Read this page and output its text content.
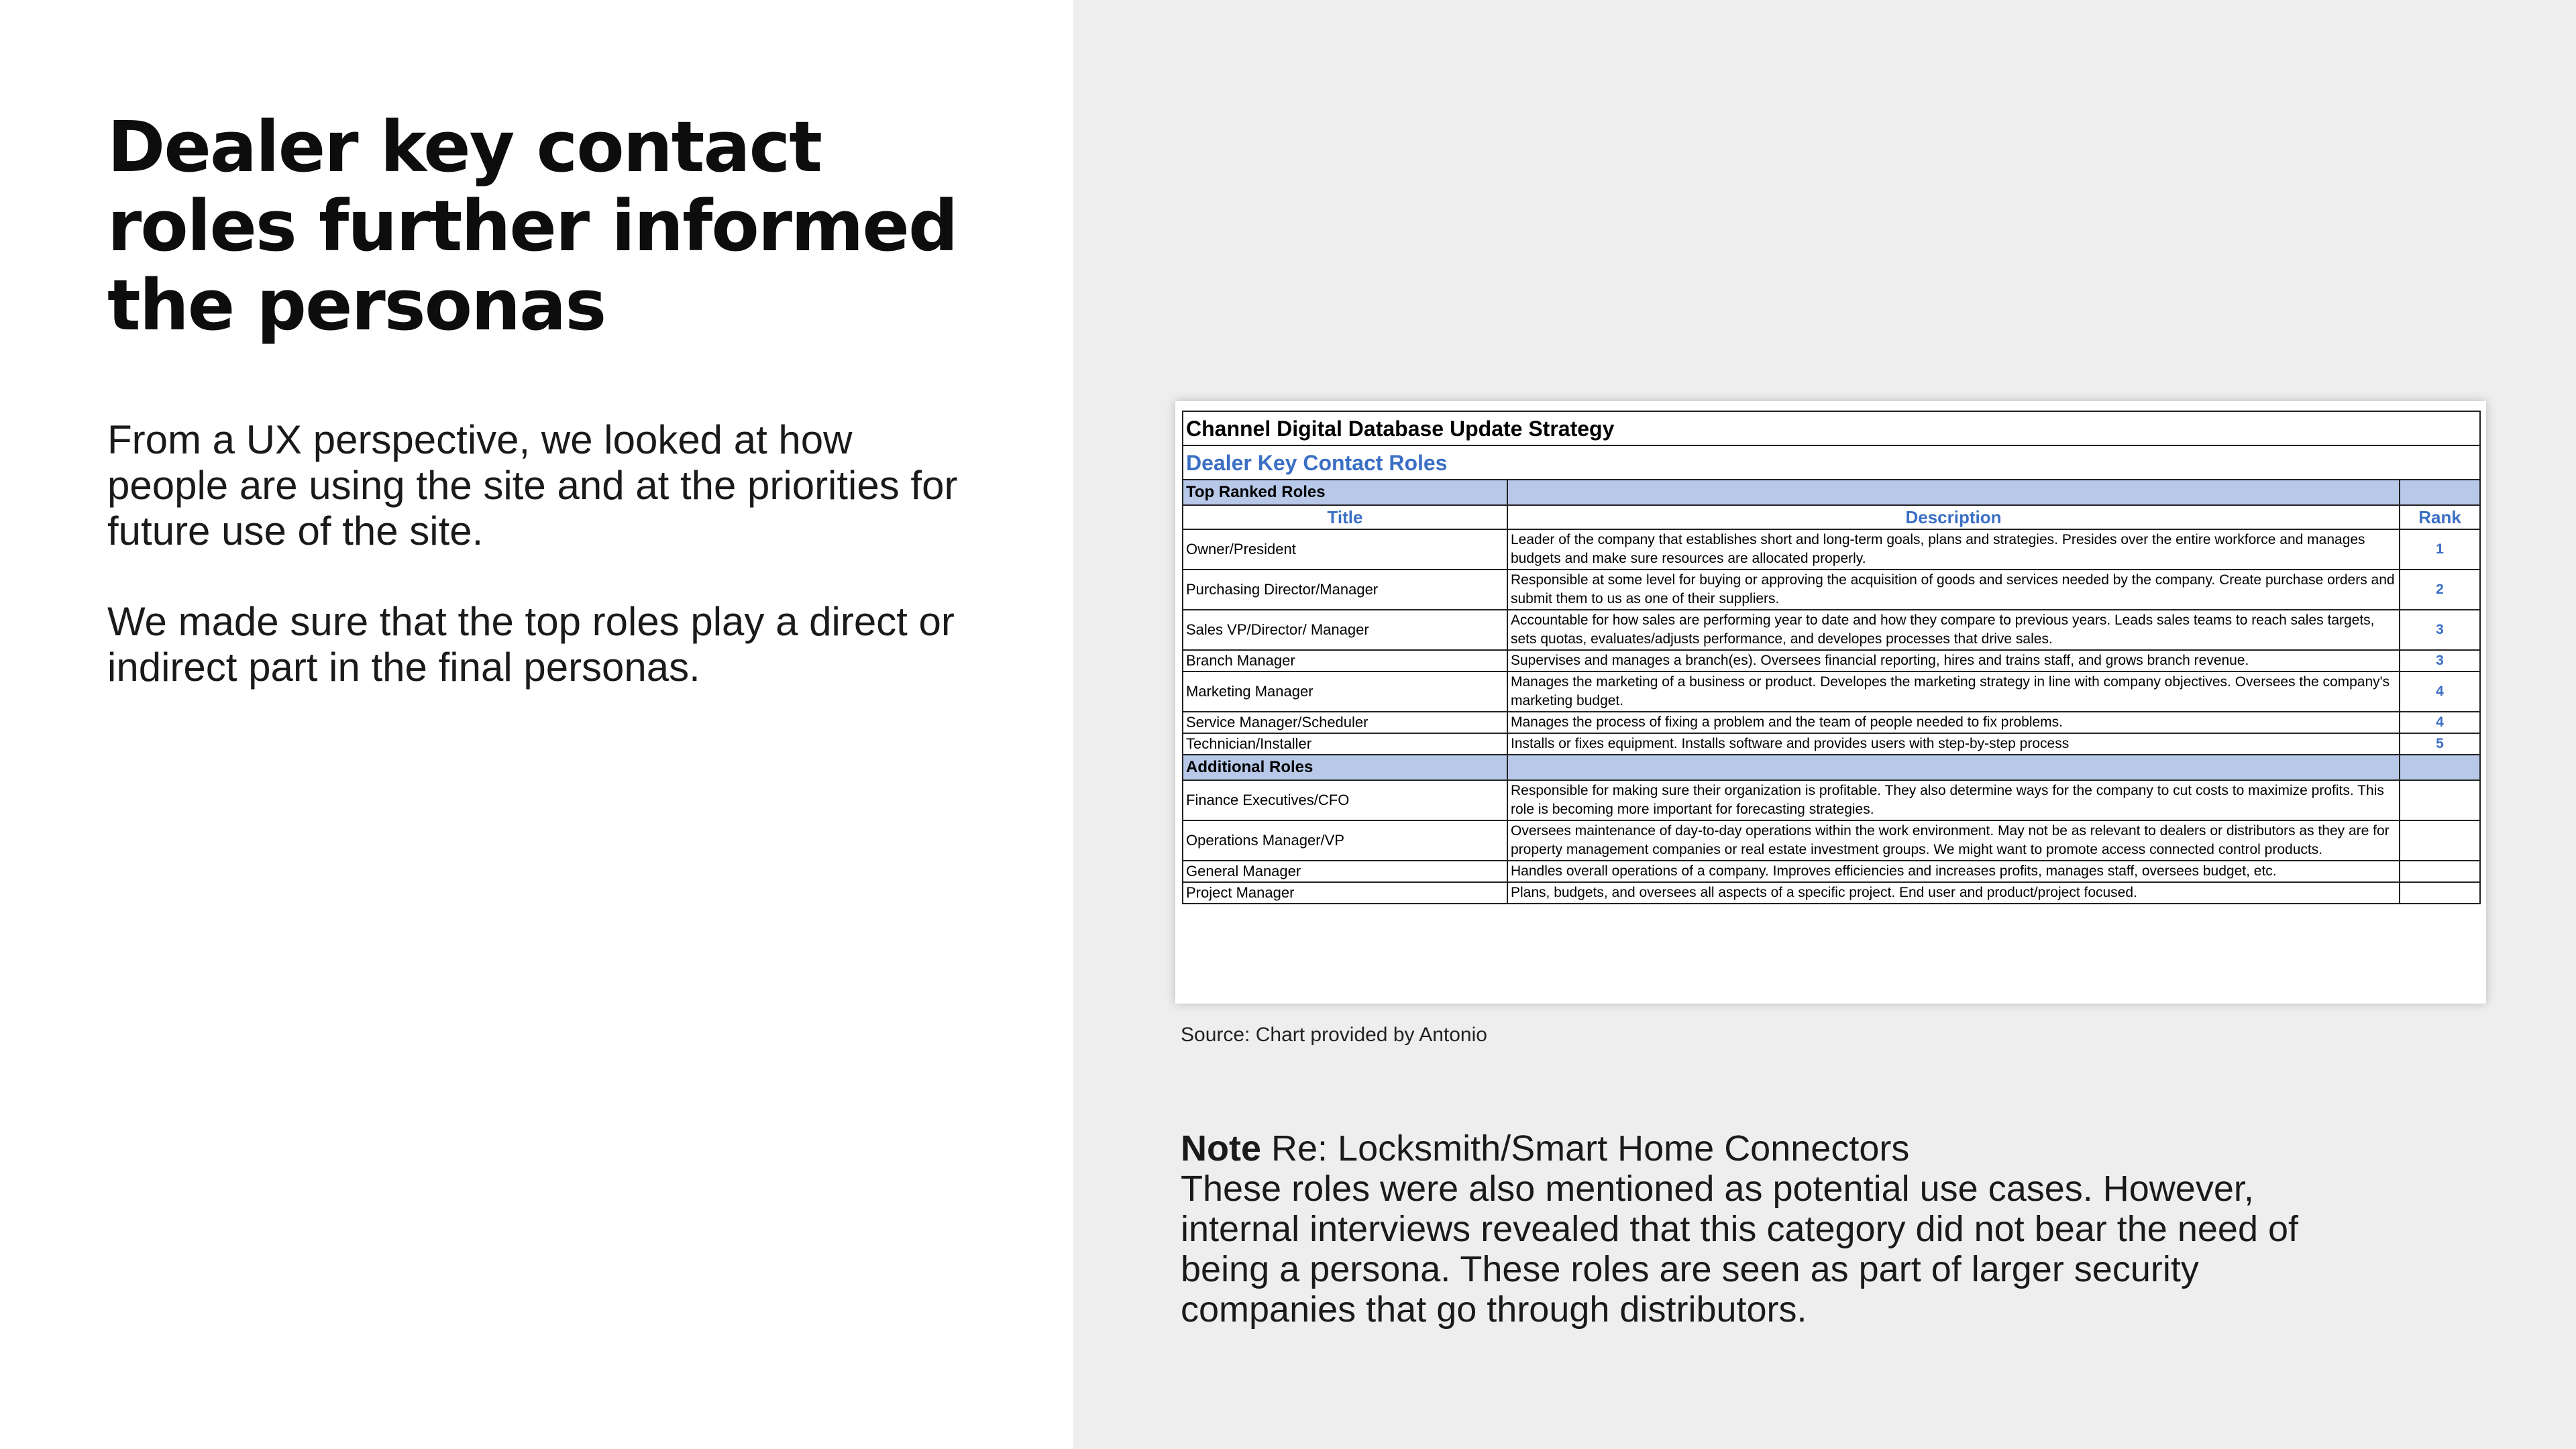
Dealer key contact roles further informed the personas

From a UX perspective, we looked at how people are using the site and at the priorities for future use of the site.

We made sure that the top roles play a direct or indirect part in the final personas.

Channel Digital Database Update Strategy		
Dealer Key Contact Roles		
Top Ranked Roles		
Title	Description	Rank
Owner/President	Leader of the company that establishes short and long-term goals, plans and strategies. Presides over the entire workforce and manages budgets and make sure resources are allocated properly.	1
Purchasing Director/Manager	Responsible at some level for buying or approving the acquisition of goods and services needed by the company. Create purchase orders and submit them to us as one of their suppliers.	2
Sales VP/Director/ Manager	Accountable for how sales are performing year to date and how they compare to previous years. Leads sales teams to reach sales targets, sets quotas, evaluates/adjusts performance, and developes processes that drive sales.	3
Branch Manager	Supervises and manages a branch(es). Oversees financial reporting, hires and trains staff, and grows branch revenue.	3
Marketing Manager	Manages the marketing of a business or product. Developes the marketing strategy in line with company objectives. Oversees the company's marketing budget.	4
Service Manager/Scheduler	Manages the process of fixing a problem and the team of people needed to fix problems.	4
Technician/Installer	Installs or fixes equipment. Installs software and provides users with step-by-step process	5
Additional Roles		
Finance Executives/CFO	Responsible for making sure their organization is profitable. They also determine ways for the company to cut costs to maximize profits. This role is becoming more important for forecasting strategies.	
Operations Manager/VP	Oversees maintenance of day-to-day operations within the work environment. May not be as relevant to dealers or distributors as they are for property management companies or real estate investment groups. We might want to promote access connected control products.	
General Manager	Handles overall operations of a company. Improves efficiencies and increases profits, manages staff, oversees budget, etc.	
Project Manager	Plans, budgets, and oversees all aspects of a specific project. End user and product/project focused.	
Source: Chart provided by Antonio
Note Re: Locksmith/Smart Home Connectors
These roles were also mentioned as potential use cases. However, internal interviews revealed that this category did not bear the need of being a persona. These roles are seen as part of larger security companies that go through distributors.
